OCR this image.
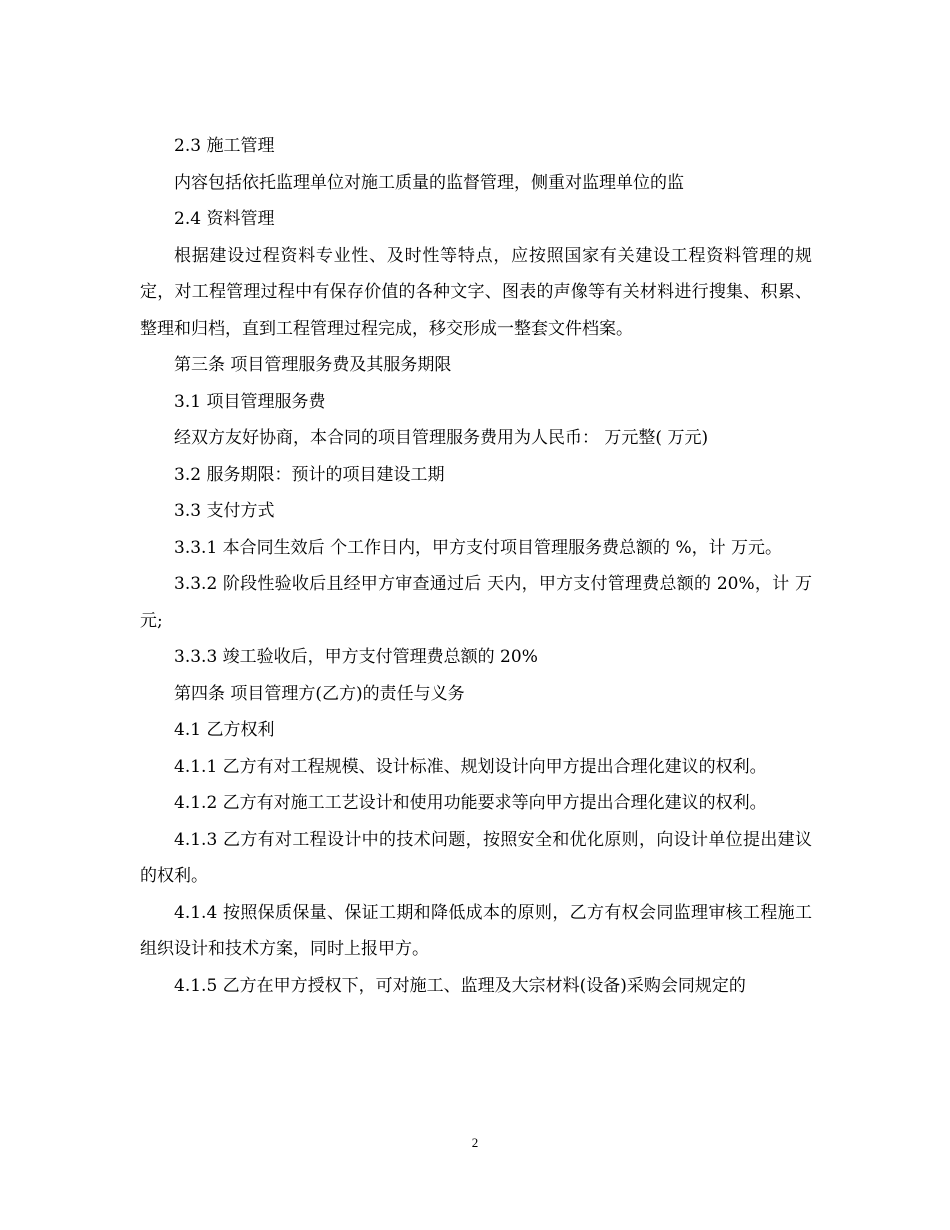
2.3 施工管理

内容包括依托监理单位对施工质量的监督管理，侧重对监理单位的监

2.4 资料管理

根据建设过程资料专业性、及时性等特点，应按照国家有关建设工程资料管理的规定，对工程管理过程中有保存价值的各种文字、图表的声像等有关材料进行搜集、积累、整理和归档，直到工程管理过程完成，移交形成一整套文件档案。

第三条 项目管理服务费及其服务期限

3.1 项目管理服务费

经双方友好协商，本合同的项目管理服务费用为人民币： 万元整( 万元)

3.2 服务期限：预计的项目建设工期

3.3 支付方式

3.3.1 本合同生效后 个工作日内，甲方支付项目管理服务费总额的 %，计 万元。

3.3.2 阶段性验收后且经甲方审查通过后 天内，甲方支付管理费总额的 20%，计 万元;

3.3.3 竣工验收后，甲方支付管理费总额的 20%

第四条 项目管理方(乙方)的责任与义务

4.1 乙方权利

4.1.1 乙方有对工程规模、设计标准、规划设计向甲方提出合理化建议的权利。

4.1.2 乙方有对施工工艺设计和使用功能要求等向甲方提出合理化建议的权利。

4.1.3 乙方有对工程设计中的技术问题，按照安全和优化原则，向设计单位提出建议的权利。

4.1.4 按照保质保量、保证工期和降低成本的原则，乙方有权会同监理审核工程施工组织设计和技术方案，同时上报甲方。

4.1.5 乙方在甲方授权下，可对施工、监理及大宗材料(设备)采购会同规定的

2
